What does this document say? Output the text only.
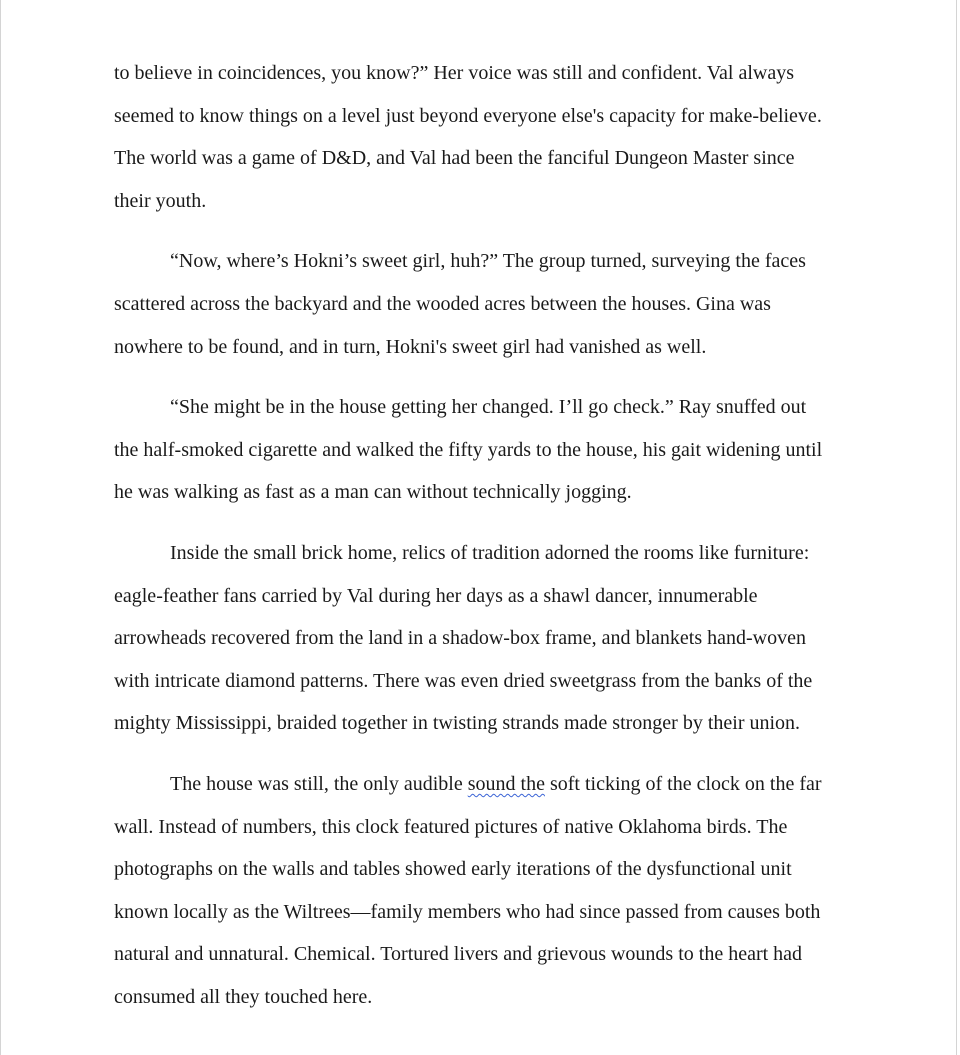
to believe in coincidences, you know?” Her voice was still and confident. Val always
seemed to know things on a level just beyond everyone else's capacity for make-believe.
The world was a game of D&D, and Val had been the fanciful Dungeon Master since
their youth.

“Now, where’s Hokni’s sweet girl, huh?” The group turned, surveying the faces
scattered across the backyard and the wooded acres between the houses. Gina was
nowhere to be found, and in turn, Hokni's sweet girl had vanished as well.

“She might be in the house getting her changed. I’ll go check.” Ray snuffed out
the half-smoked cigarette and walked the fifty yards to the house, his gait widening until
he was walking as fast as a man can without technically jogging.

Inside the small brick home, relics of tradition adorned the rooms like furniture:
eagle-feather fans carried by Val during her days as a shawl dancer, innumerable
arrowheads recovered from the land in a shadow-box frame, and blankets hand-woven
with intricate diamond patterns. There was even dried sweetgrass from the banks of the
mighty Mississippi, braided together in twisting strands made stronger by their union.

The house was still, the only audible sound the soft ticking of the clock on the far
wall. Instead of numbers, this clock featured pictures of native Oklahoma birds. The
photographs on the walls and tables showed early iterations of the dysfunctional unit
known locally as the Wiltrees—family members who had since passed from causes both
natural and unnatural. Chemical. Tortured livers and grievous wounds to the heart had
consumed all they touched here.
